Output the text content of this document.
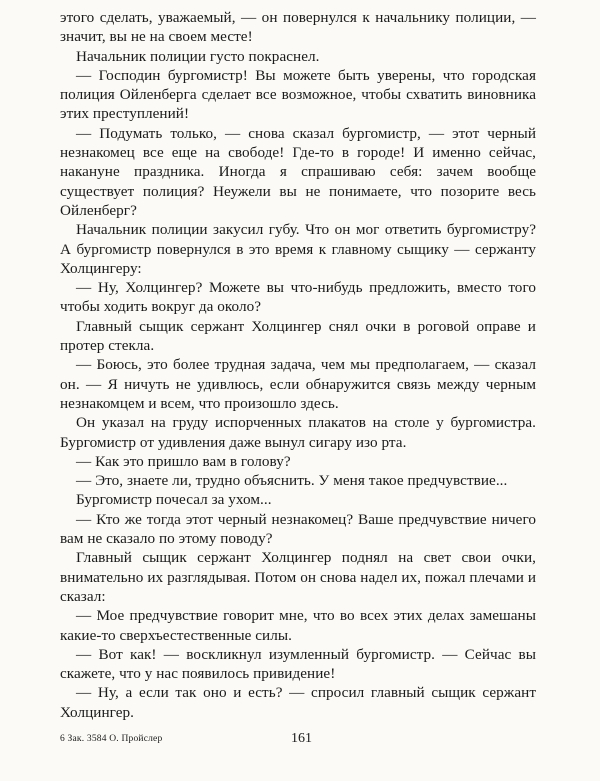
этого сделать, уважаемый, — он повернулся к начальнику полиции, — значит, вы не на своем месте!

Начальник полиции густо покраснел.

— Господин бургомистр! Вы можете быть уверены, что городская полиция Ойленберга сделает все возможное, чтобы схватить виновника этих преступлений!

— Подумать только, — снова сказал бургомистр, — этот черный незнакомец все еще на свободе! Где-то в городе! И именно сейчас, накануне праздника. Иногда я спрашиваю себя: зачем вообще существует полиция? Неужели вы не понимаете, что позорите весь Ойленберг?

Начальник полиции закусил губу. Что он мог ответить бургомистру? А бургомистр повернулся в это время к главному сыщику — сержанту Холцингеру:

— Ну, Холцингер? Можете вы что-нибудь предложить, вместо того чтобы ходить вокруг да около?

Главный сыщик сержант Холцингер снял очки в роговой оправе и протер стекла.

— Боюсь, это более трудная задача, чем мы предполагаем, — сказал он. — Я ничуть не удивлюсь, если обнаружится связь между черным незнакомцем и всем, что произошло здесь.

Он указал на груду испорченных плакатов на столе у бургомистра. Бургомистр от удивления даже вынул сигару изо рта.

— Как это пришло вам в голову?

— Это, знаете ли, трудно объяснить. У меня такое предчувствие...

Бургомистр почесал за ухом...

— Кто же тогда этот черный незнакомец? Ваше предчувствие ничего вам не сказало по этому поводу?

Главный сыщик сержант Холцингер поднял на свет свои очки, внимательно их разглядывая. Потом он снова надел их, пожал плечами и сказал:

— Мое предчувствие говорит мне, что во всех этих делах замешаны какие-то сверхъестественные силы.

— Вот как! — воскликнул изумленный бургомистр. — Сейчас вы скажете, что у нас появилось привидение!

— Ну, а если так оно и есть? — спросил главный сыщик сержант Холцингер.

6 Зак. 3584 О. Пройслер	161
